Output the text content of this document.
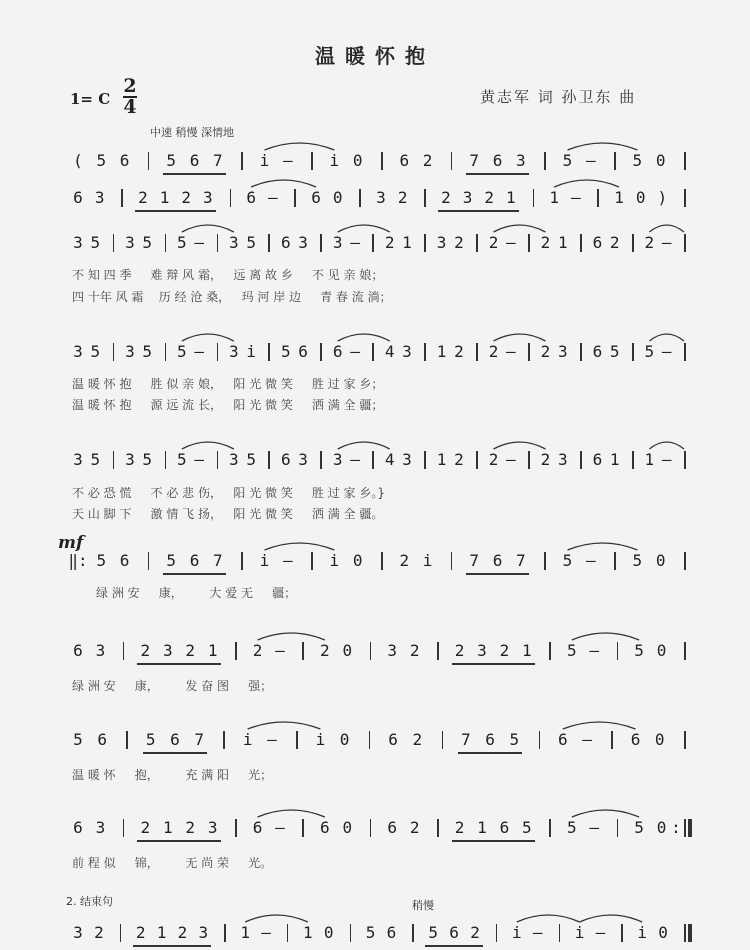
温暖怀抱
1= C
2
4	黄志军 词 孙卫东 曲
中速 稍慢 深情地
mf
2. 结束句	稍慢
( 5 6 5 6 7 i — i 0 6 2 7 6 3 5 — 5 0
6 3 2 1 2 3 6 — 6 0 3 2 2 3 2 1 1 — 1 0 )
3 5 3 5 5 — 3 5 6 3 3 — 2 1 3 2 2 — 2 1 6 2 2 —
3 5 3 5 5 — 3 i 5 6 6 — 4 3 1 2 2 — 2 3 6 5 5 —
3 5 3 5 5 — 3 5 6 3 3 — 4 3 1 2 2 — 2 3 6 1 1 —
‖: 5 6 5 6 7 i — i 0 2 i 7 6 7 5 — 5 0
6 3 2 3 2 1 2 — 2 0 3 2 2 3 2 1 5 — 5 0
5 6 5 6 7 i — i 0 6 2 7 6 5 6 — 6 0
6 3 2 1 2 3 6 — 6 0 6 2 2 1 6 5 5 — 5 0 :
3 2 2 1 2 3 1 — 1 0 5 6 5 6 2 i — i — i 0
不 知 四 季     难 辩 风 霜，   远 离 故 乡     不 见 亲 娘；
四 十年 风 霜    历 经 沧 桑，   玛 河 岸 边     青 春 流 淌；
温 暖 怀 抱     胜 似 亲 娘，   阳 光 微 笑     胜 过 家 乡；
温 暖 怀 抱     源 远 流 长，   阳 光 微 笑     洒 满 全 疆；
不 必 恐 慌     不 必 悲 伤，   阳 光 微 笑     胜 过 家 乡。}
天 山 脚 下     激 情 飞 扬，   阳 光 微 笑     洒 满 全 疆。
绿 洲 安     康，       大 爱 无     疆；
绿 洲 安     康，       发 奋 图     强；
温 暖 怀     抱，       充 满 阳     光；
前 程 似     锦，       无 尚 荣     光。
